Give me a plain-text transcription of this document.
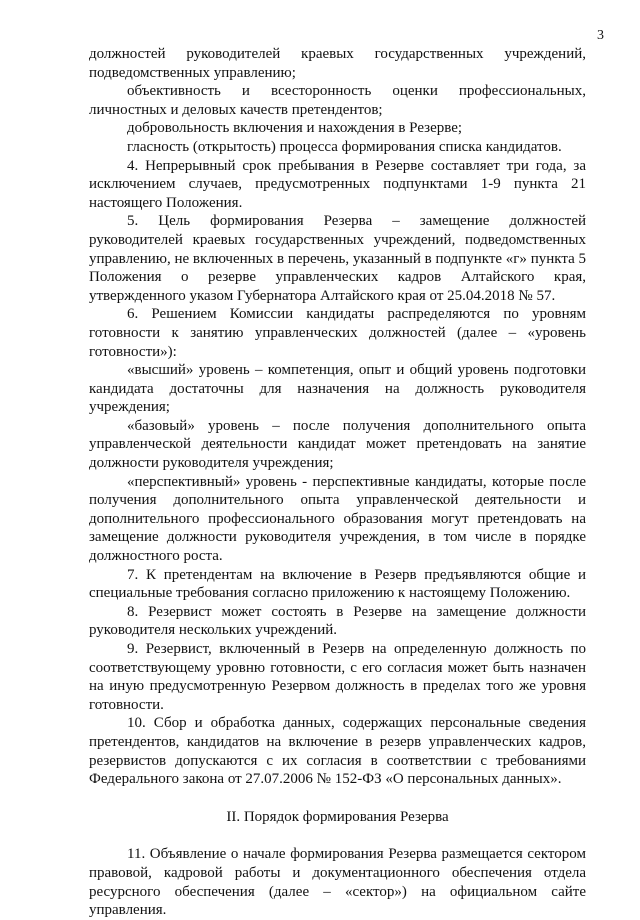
3

должностей руководителей краевых государственных учреждений, подведомственных управлению;

объективность и всесторонность оценки профессиональных, личностных и деловых качеств претендентов;

добровольность включения и нахождения в Резерве;

гласность (открытость) процесса формирования списка кандидатов.

4. Непрерывный срок пребывания в Резерве составляет три года, за исключением случаев, предусмотренных подпунктами 1-9 пункта 21 настоящего Положения.

5. Цель формирования Резерва – замещение должностей руководителей краевых государственных учреждений, подведомственных управлению, не включенных в перечень, указанный в подпункте «г» пункта 5 Положения о резерве управленческих кадров Алтайского края, утвержденного указом Губернатора Алтайского края от 25.04.2018 № 57.

6. Решением Комиссии кандидаты распределяются по уровням готовности к занятию управленческих должностей (далее – «уровень готовности»):

«высший» уровень – компетенция, опыт и общий уровень подготовки кандидата достаточны для назначения на должность руководителя учреждения;

«базовый» уровень – после получения дополнительного опыта управленческой деятельности кандидат может претендовать на занятие должности руководителя учреждения;

«перспективный» уровень - перспективные кандидаты, которые после получения дополнительного опыта управленческой деятельности и дополнительного профессионального образования могут претендовать на замещение должности руководителя учреждения, в том числе в порядке должностного роста.

7. К претендентам на включение в Резерв предъявляются общие и специальные требования согласно приложению к настоящему Положению.

8. Резервист может состоять в Резерве на замещение должности руководителя нескольких учреждений.

9. Резервист, включенный в Резерв на определенную должность по соответствующему уровню готовности, с его согласия может быть назначен на иную предусмотренную Резервом должность в пределах того же уровня готовности.

10. Сбор и обработка данных, содержащих персональные сведения претендентов, кандидатов на включение в резерв управленческих кадров, резервистов допускаются с их согласия в соответствии с требованиями Федерального закона от 27.07.2006 № 152-ФЗ «О персональных данных».

II. Порядок формирования Резерва

11. Объявление о начале формирования Резерва размещается сектором правовой, кадровой работы и документационного обеспечения отдела ресурсного обеспечения (далее – «сектор») на официальном сайте управления.
